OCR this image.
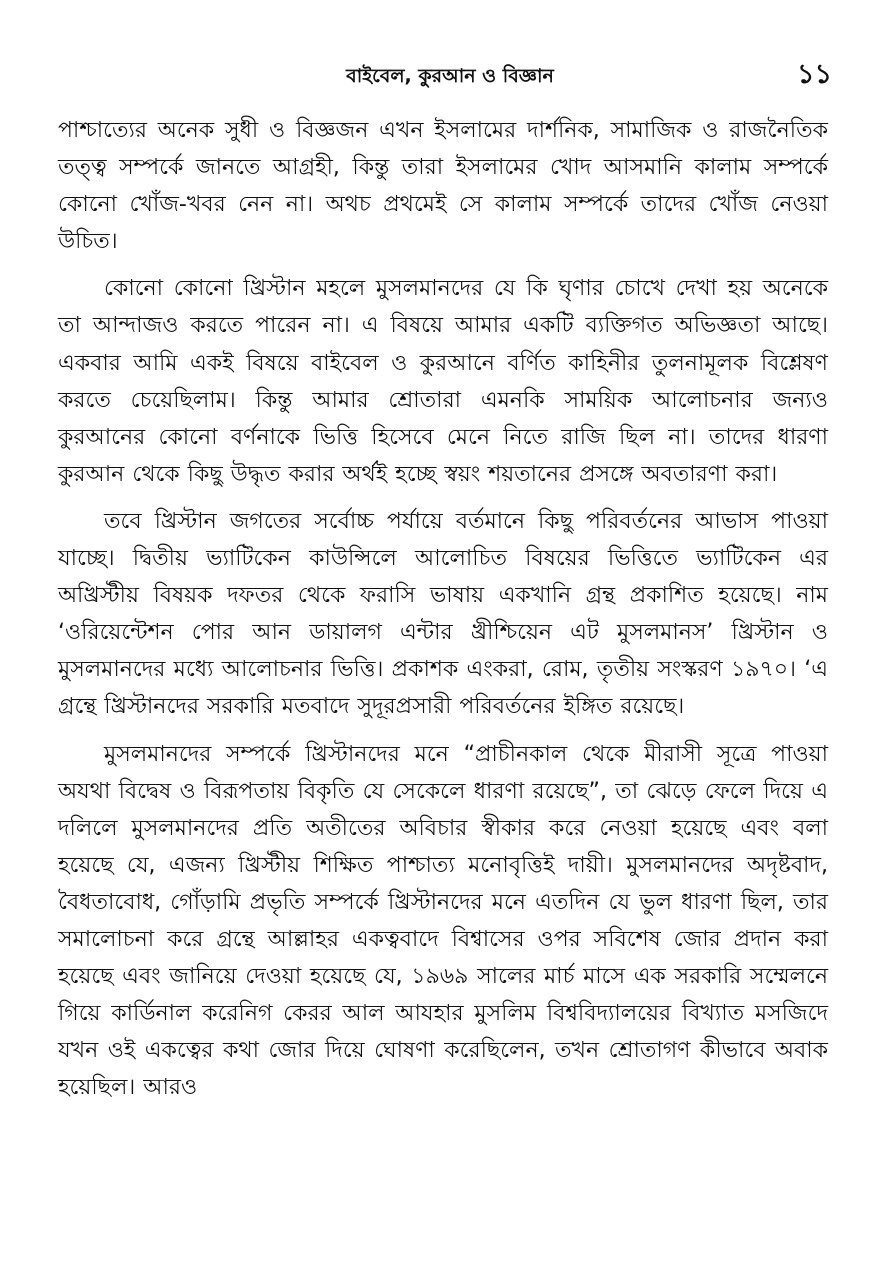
বাইবেল, কুরআন ও বিজ্ঞান	১১

পাশ্চাত্যের অনেক সুধী ও বিজ্ঞজন এখন ইসলামের দার্শনিক, সামাজিক ও রাজনৈতিক তত্ত্ব সম্পর্কে জানতে আগ্রহী, কিন্তু তারা ইসলামের খোদ আসমানি কালাম সম্পর্কে কোনো খোঁজ-খবর নেন না। অথচ প্রথমেই সে কালাম সম্পর্কে তাদের খোঁজ নেওয়া উচিত।

কোনো কোনো খ্রিস্টান মহলে মুসলমানদের যে কি ঘৃণার চোখে দেখা হয় অনেকে তা আন্দাজও করতে পারেন না। এ বিষয়ে আমার একটি ব্যক্তিগত অভিজ্ঞতা আছে। একবার আমি একই বিষয়ে বাইবেল ও কুরআনে বর্ণিত কাহিনীর তুলনামূলক বিশ্লেষণ করতে চেয়েছিলাম। কিন্তু আমার শ্রোতারা এমনকি সাময়িক আলোচনার জন্যও কুরআনের কোনো বর্ণনাকে ভিত্তি হিসেবে মেনে নিতে রাজি ছিল না। তাদের ধারণা কুরআন থেকে কিছু উদ্ধৃত করার অর্থই হচ্ছে স্বয়ং শয়তানের প্রসঙ্গে অবতারণা করা।

তবে খ্রিস্টান জগতের সর্বোচ্চ পর্যায়ে বর্তমানে কিছু পরিবর্তনের আভাস পাওয়া যাচ্ছে। দ্বিতীয় ভ্যাটিকেন কাউন্সিলে আলোচিত বিষয়ের ভিত্তিতে ভ্যাটিকেন এর অখ্রিস্টীয় বিষয়ক দফতর থেকে ফরাসি ভাষায় একখানি গ্রন্থ প্রকাশিত হয়েছে। নাম ‘ওরিয়েন্টেশন পোর আন ডায়ালগ এন্টার খ্রীশ্চিয়েন এট মুসলমানস’ খ্রিস্টান ও মুসলমানদের মধ্যে আলোচনার ভিত্তি। প্রকাশক এংকরা, রোম, তৃতীয় সংস্করণ ১৯৭০। ‘এ গ্রন্থে খ্রিস্টানদের সরকারি মতবাদে সুদূরপ্রসারী পরিবর্তনের ইঙ্গিত রয়েছে।

মুসলমানদের সম্পর্কে খ্রিস্টানদের মনে “প্রাচীনকাল থেকে মীরাসী সূত্রে পাওয়া অযথা বিদ্বেষ ও বিরূপতায় বিকৃতি যে সেকেলে ধারণা রয়েছে”, তা ঝেড়ে ফেলে দিয়ে এ দলিলে মুসলমানদের প্রতি অতীতের অবিচার স্বীকার করে নেওয়া হয়েছে এবং বলা হয়েছে যে, এজন্য খ্রিস্টীয় শিক্ষিত পাশ্চাত্য মনোবৃত্তিই দায়ী। মুসলমানদের অদৃষ্টবাদ, বৈধতাবোধ, গোঁড়ামি প্রভৃতি সম্পর্কে খ্রিস্টানদের মনে এতদিন যে ভুল ধারণা ছিল, তার সমালোচনা করে গ্রন্থে আল্লাহর একত্ববাদে বিশ্বাসের ওপর সবিশেষ জোর প্রদান করা হয়েছে এবং জানিয়ে দেওয়া হয়েছে যে, ১৯৬৯ সালের মার্চ মাসে এক সরকারি সম্মেলনে গিয়ে কার্ডিনাল করেনিগ কেরর আল আযহার মুসলিম বিশ্ববিদ্যালয়ের বিখ্যাত মসজিদে যখন ওই একত্বের কথা জোর দিয়ে ঘোষণা করেছিলেন, তখন শ্রোতাগণ কীভাবে অবাক হয়েছিল। আরও
